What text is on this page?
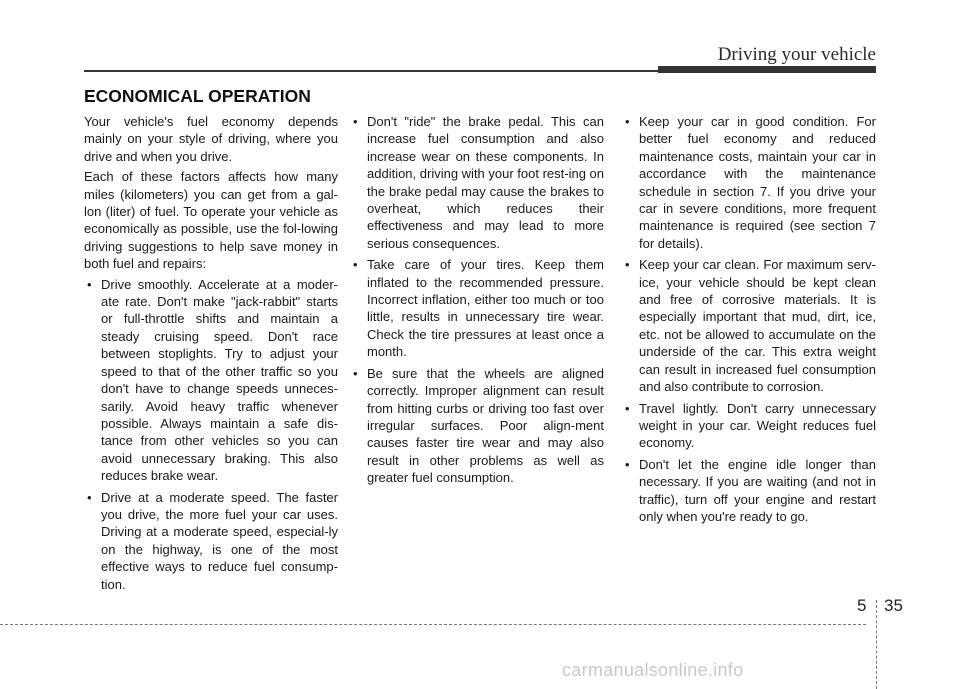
Driving your vehicle
ECONOMICAL OPERATION

Your vehicle's fuel economy depends mainly on your style of driving, where you drive and when you drive.

Each of these factors affects how many miles (kilometers) you can get from a gal-lon (liter) of fuel. To operate your vehicle as economically as possible, use the fol-lowing driving suggestions to help save money in both fuel and repairs:

• Drive smoothly. Accelerate at a moder-ate rate. Don't make "jack-rabbit" starts or full-throttle shifts and maintain a steady cruising speed. Don't race between stoplights. Try to adjust your speed to that of the other traffic so you don't have to change speeds unneces-sarily. Avoid heavy traffic whenever possible. Always maintain a safe dis-tance from other vehicles so you can avoid unnecessary braking. This also reduces brake wear.
• Drive at a moderate speed. The faster you drive, the more fuel your car uses. Driving at a moderate speed, especial-ly on the highway, is one of the most effective ways to reduce fuel consump-tion.
• Don't "ride" the brake pedal. This can increase fuel consumption and also increase wear on these components. In addition, driving with your foot rest-ing on the brake pedal may cause the brakes to overheat, which reduces their effectiveness and may lead to more serious consequences.
• Take care of your tires. Keep them inflated to the recommended pressure. Incorrect inflation, either too much or too little, results in unnecessary tire wear. Check the tire pressures at least once a month.
• Be sure that the wheels are aligned correctly. Improper alignment can result from hitting curbs or driving too fast over irregular surfaces. Poor align-ment causes faster tire wear and may also result in other problems as well as greater fuel consumption.
• Keep your car in good condition. For better fuel economy and reduced maintenance costs, maintain your car in accordance with the maintenance schedule in section 7. If you drive your car in severe conditions, more frequent maintenance is required (see section 7 for details).
• Keep your car clean. For maximum serv-ice, your vehicle should be kept clean and free of corrosive materials. It is especially important that mud, dirt, ice, etc. not be allowed to accumulate on the underside of the car. This extra weight can result in increased fuel consumption and also contribute to corrosion.
• Travel lightly. Don't carry unnecessary weight in your car. Weight reduces fuel economy.
• Don't let the engine idle longer than necessary. If you are waiting (and not in traffic), turn off your engine and restart only when you're ready to go.
5 35
carmanualsonline.info
